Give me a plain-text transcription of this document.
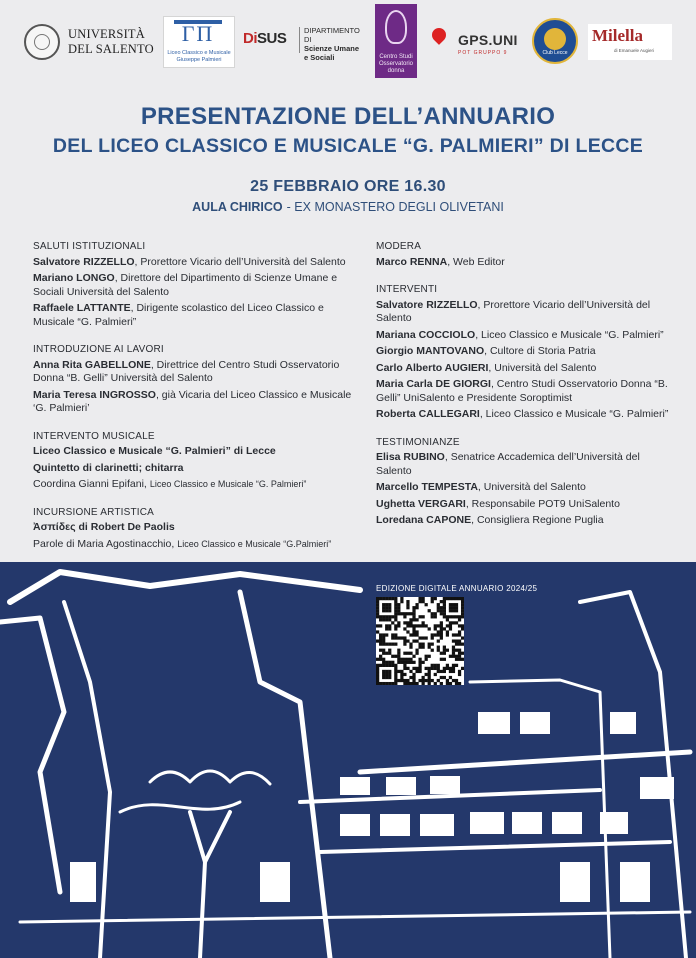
UNIVERSITÀ
DEL SALENTO
ΓΠ
Liceo Classico e Musicale
Giuseppe Palmieri
DiSUS DIPARTIMENTO DI
Scienze Umane
e Sociali	Centro Studi
Osservatorio
donna
GPS.UNI
POT GRUPPO 9	Club Lecce
Milella
di Emanuele Augieri
PRESENTAZIONE DELL’ANNUARIO
DEL LICEO CLASSICO E MUSICALE “G. PALMIERI” DI LECCE
25 FEBBRAIO ORE 16.30
AULA CHIRICO - EX MONASTERO DEGLI OLIVETANI
SALUTI ISTITUZIONALI
Salvatore RIZZELLO, Prorettore Vicario dell’Università del Salento
Mariano LONGO, Direttore del Dipartimento di Scienze Umane e Sociali Università del Salento
Raffaele LATTANTE, Dirigente scolastico del Liceo Classico e Musicale “G. Palmieri”
INTRODUZIONE AI LAVORI
Anna Rita GABELLONE, Direttrice del Centro Studi Osservatorio Donna “B. Gelli” Università del Salento
Maria Teresa INGROSSO, già Vicaria del Liceo Classico e Musicale ‘G. Palmieri’
INTERVENTO MUSICALE
Liceo Classico e Musicale “G. Palmieri” di Lecce
Quintetto di clarinetti; chitarra
Coordina Gianni Epifani, Liceo Classico e Musicale “G. Palmieri”
INCURSIONE ARTISTICA
Ἀσπίδες di Robert De Paolis
Parole di Maria Agostinacchio, Liceo Classico e Musicale “G.Palmieri”
MODERA
Marco RENNA, Web Editor
INTERVENTI
Salvatore RIZZELLO, Prorettore Vicario dell’Università del Salento
Mariana COCCIOLO, Liceo Classico e Musicale “G. Palmieri”
Giorgio MANTOVANO, Cultore di Storia Patria
Carlo Alberto AUGIERI, Università del Salento
Maria Carla DE GIORGI, Centro Studi Osservatorio Donna “B. Gelli” UniSalento e Presidente Soroptimist
Roberta CALLEGARI, Liceo Classico e Musicale “G. Palmieri”
TESTIMONIANZE
Elisa RUBINO, Senatrice Accademica dell’Università del Salento
Marcello TEMPESTA, Università del Salento
Ughetta VERGARI, Responsabile POT9 UniSalento
Loredana CAPONE, Consigliera Regione Puglia
EDIZIONE DIGITALE ANNUARIO 2024/25
